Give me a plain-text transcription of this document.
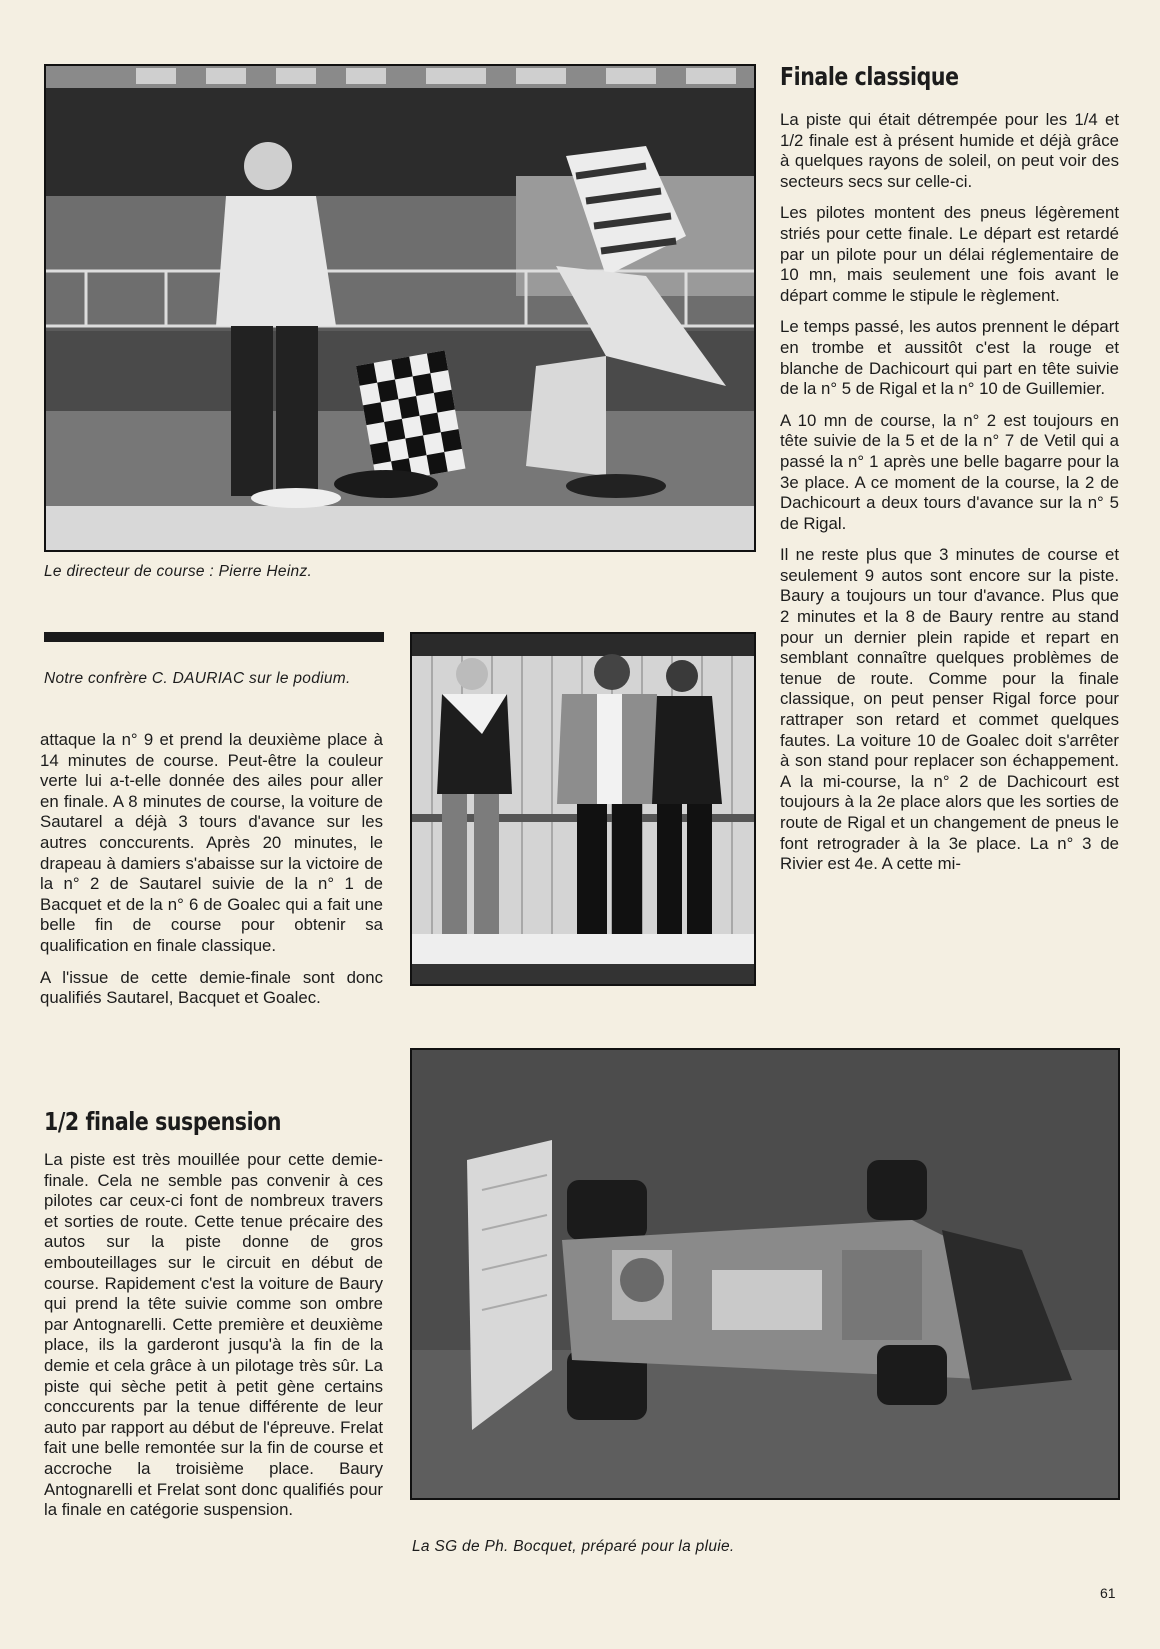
Le directeur de course : Pierre Heinz.
Finale classique

La piste qui était détrempée pour les 1/4 et 1/2 finale est à présent humide et déjà grâce à quelques rayons de soleil, on peut voir des secteurs secs sur celle-ci.

Les pilotes montent des pneus légèrement striés pour cette finale. Le départ est retardé par un pilote pour un délai réglementaire de 10 mn, mais seulement une fois avant le départ comme le stipule le règlement.

Le temps passé, les autos prennent le départ en trombe et aussitôt c'est la rouge et blanche de Dachicourt qui part en tête suivie de la n° 5 de Rigal et la n° 10 de Guillemier.

A 10 mn de course, la n° 2 est toujours en tête suivie de la 5 et de la n° 7 de Vetil qui a passé la n° 1 après une belle bagarre pour la 3e place. A ce moment de la course, la 2 de Dachicourt a deux tours d'avance sur la n° 5 de Rigal.

Il ne reste plus que 3 minutes de course et seulement 9 autos sont encore sur la piste. Baury a toujours un tour d'avance. Plus que 2 minutes et la 8 de Baury rentre au stand pour un dernier plein rapide et repart en semblant connaître quelques problèmes de tenue de route. Comme pour la finale classique, on peut penser Rigal force pour rattraper son retard et commet quelques fautes. La voiture 10 de Goalec doit s'arrêter à son stand pour replacer son échappement. A la mi-course, la n° 2 de Dachicourt est toujours à la 2e place alors que les sorties de route de Rigal et un changement de pneus le font retrograder à la 3e place. La n° 3 de Rivier est 4e. A cette mi-

Notre confrère C. DAURIAC sur le podium.

attaque la n° 9 et prend la deuxième place à 14 minutes de course. Peut-être la couleur verte lui a-t-elle donnée des ailes pour aller en finale. A 8 minutes de course, la voiture de Sautarel a déjà 3 tours d'avance sur les autres conccurents. Après 20 minutes, le drapeau à damiers s'abaisse sur la victoire de la n° 2 de Sautarel suivie de la n° 1 de Bacquet et de la n° 6 de Goalec qui a fait une belle fin de course pour obtenir sa qualification en finale classique.

A l'issue de cette demie-finale sont donc qualifiés Sautarel, Bacquet et Goalec.

1/2 finale suspension

La piste est très mouillée pour cette demie-finale. Cela ne semble pas convenir à ces pilotes car ceux-ci font de nombreux travers et sorties de route. Cette tenue précaire des autos sur la piste donne de gros embouteillages sur le circuit en début de course. Rapidement c'est la voiture de Baury qui prend la tête suivie comme son ombre par Antognarelli. Cette première et deuxième place, ils la garderont jusqu'à la fin de la demie et cela grâce à un pilotage très sûr. La piste qui sèche petit à petit gène certains conccurents par la tenue différente de leur auto par rapport au début de l'épreuve. Frelat fait une belle remontée sur la fin de course et accroche la troisième place. Baury Antognarelli et Frelat sont donc qualifiés pour la finale en catégorie suspension.

La SG de Ph. Bocquet, préparé pour la pluie.
61
